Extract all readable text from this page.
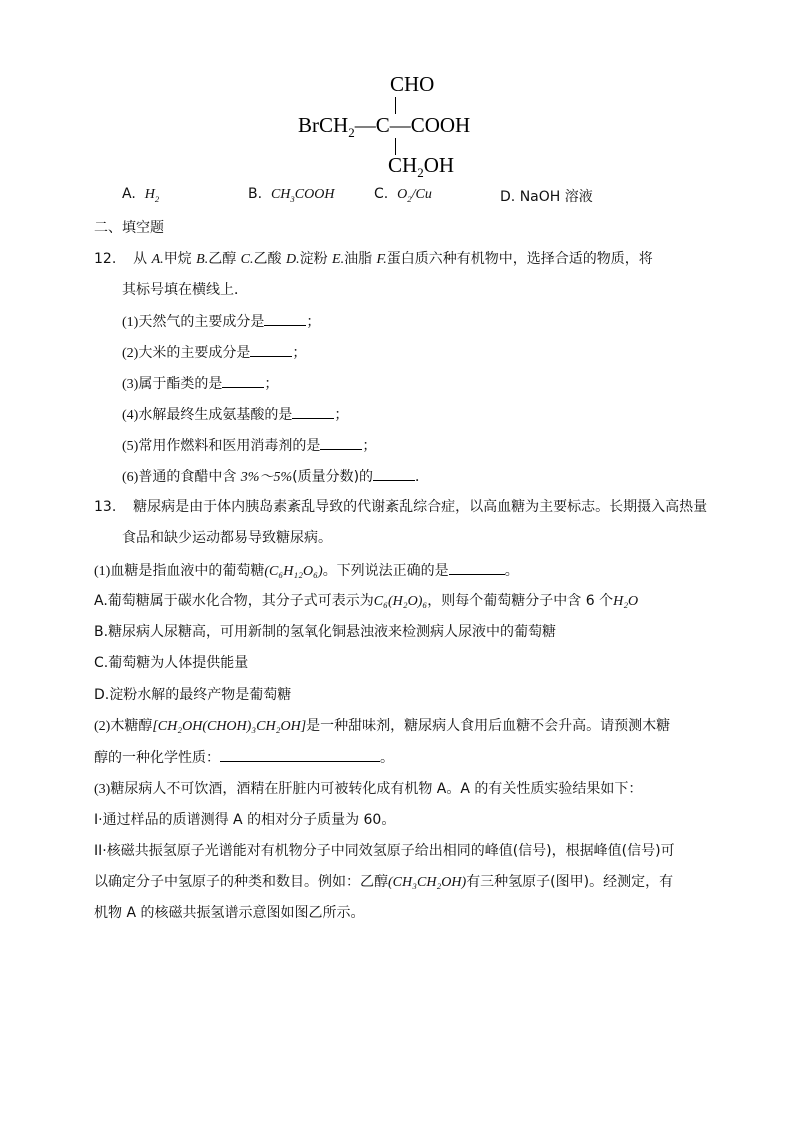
CHO
BrCH$_2$—C—COOH
$CH_2OH$
A. $H_2$	B. $CH_3COOH$	C. $O_2/Cu$	D. NaOH 溶液
二、填空题
12. 从 A.甲烷 B.乙醇 C.乙酸 D.淀粉 E.油脂 F.蛋白质六种有机物中，选择合适的物质，将
其标号填在横线上．
(1)天然气的主要成分是	；
(2)大米的主要成分是	；
(3)属于酯类的是	；
(4)水解最终生成氨基酸的是	；
(5)常用作燃料和医用消毒剂的是	；
(6)普通的食醋中含 3%～5%(质量分数)的	．
13. 糖尿病是由于体内胰岛素紊乱导致的代谢紊乱综合症，以高血糖为主要标志。长期摄入高热量
食品和缺少运动都易导致糖尿病。
(1)血糖是指血液中的葡萄糖(C₆H₁₂O₆)。下列说法正确的是	。
A.葡萄糖属于碳水化合物，其分子式可表示为C₆(H₂O)₆，则每个葡萄糖分子中含 6 个H₂O
B.糖尿病人尿糖高，可用新制的氢氧化铜悬浊液来检测病人尿液中的葡萄糖
C.葡萄糖为人体提供能量
D.淀粉水解的最终产物是葡萄糖
(2)木糖醇[CH₂OH(CHOH)₃CH₂OH]是一种甜味剂，糖尿病人食用后血糖不会升高。请预测木糖
醇的一种化学性质：	。
(3)糖尿病人不可饮酒，酒精在肝脏内可被转化成有机物 A。A 的有关性质实验结果如下：
I·通过样品的质谱测得 A 的相对分子质量为 60。
II·核磁共振氢原子光谱能对有机物分子中同效氢原子给出相同的峰值(信号)，根据峰值(信号)可
以确定分子中氢原子的种类和数目。例如：乙醇(CH₃CH₂OH)有三种氢原子(图甲)。经测定，有
机物 A 的核磁共振氢谱示意图如图乙所示。
